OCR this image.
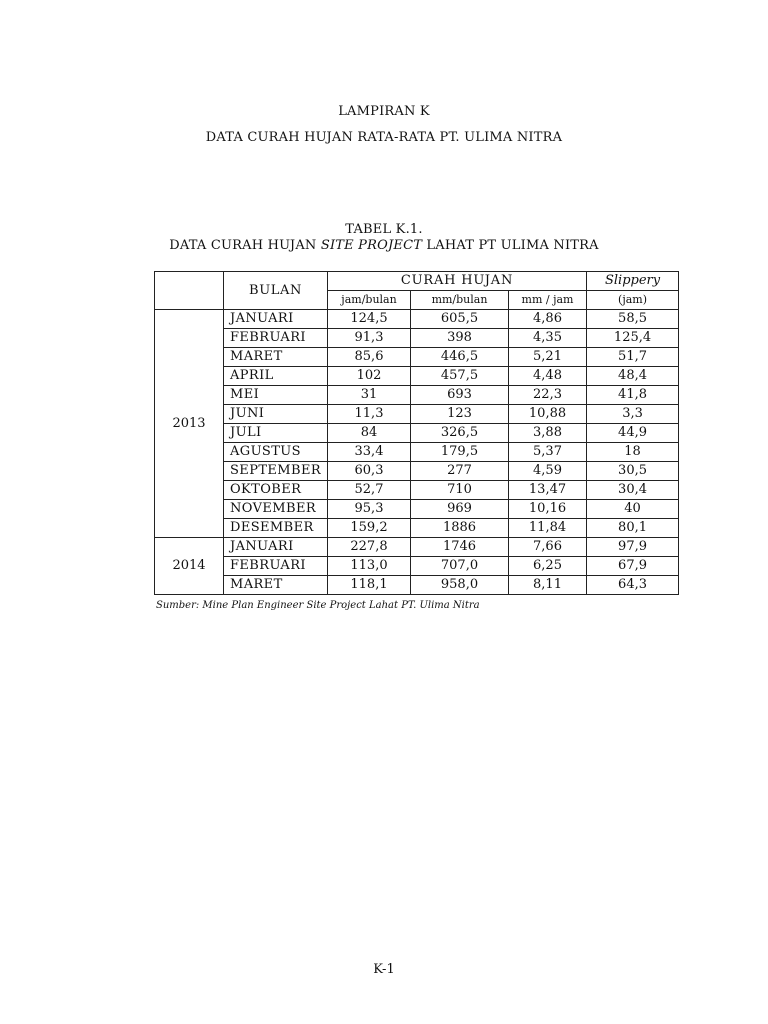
LAMPIRAN K
DATA CURAH HUJAN RATA-RATA PT. ULIMA NITRA
TABEL K.1.
DATA CURAH HUJAN SITE PROJECT LAHAT PT ULIMA NITRA
	BULAN	CURAH HUJAN			Slippery
		jam/bulan	mm/bulan	mm / jam	(jam)
2013	JANUARI	124,5	605,5	4,86	58,5
	FEBRUARI	91,3	398	4,35	125,4
	MARET	85,6	446,5	5,21	51,7
	APRIL	102	457,5	4,48	48,4
	MEI	31	693	22,3	41,8
	JUNI	11,3	123	10,88	3,3
	JULI	84	326,5	3,88	44,9
	AGUSTUS	33,4	179,5	5,37	18
	SEPTEMBER	60,3	277	4,59	30,5
	OKTOBER	52,7	710	13,47	30,4
	NOVEMBER	95,3	969	10,16	40
	DESEMBER	159,2	1886	11,84	80,1
2014	JANUARI	227,8	1746	7,66	97,9
	FEBRUARI	113,0	707,0	6,25	67,9
	MARET	118,1	958,0	8,11	64,3
Sumber: Mine Plan Engineer Site Project Lahat PT. Ulima Nitra
K-1
